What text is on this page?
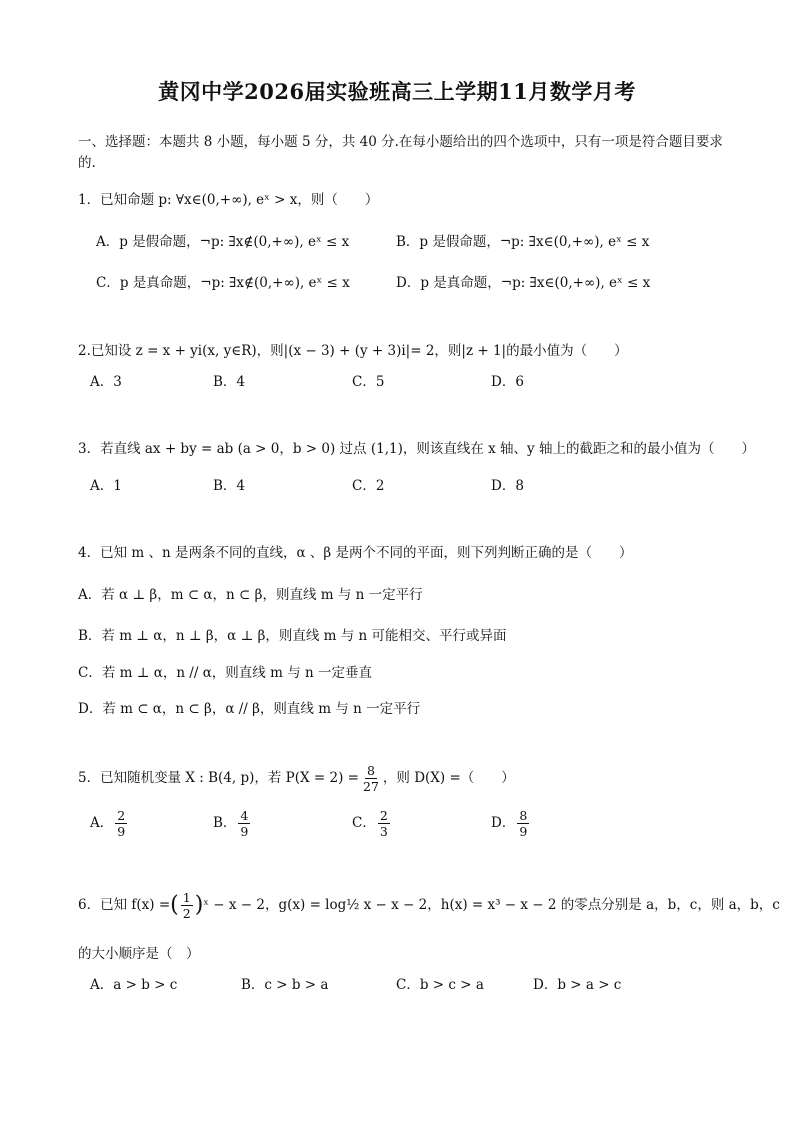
黄冈中学2026届实验班高三上学期11月数学月考
一、选择题：本题共 8 小题，每小题 5 分，共 40 分.在每小题给出的四个选项中，只有一项是符合题目要求的.
1．已知命题 p: ∀x∈(0,+∞), eˣ > x，则（　　）
A．p 是假命题，¬p: ∃x∉(0,+∞), eˣ ≤ x	B．p 是假命题，¬p: ∃x∈(0,+∞), eˣ ≤ x
C．p 是真命题，¬p: ∃x∉(0,+∞), eˣ ≤ x	D．p 是真命题，¬p: ∃x∈(0,+∞), eˣ ≤ x
2.已知设 z = x + yi(x, y∈R)，则|(x − 3) + (y + 3)i|= 2，则|z + 1|的最小值为（　　）
A．3	B．4	C．5	D．6
3．若直线 ax + by = ab (a > 0，b > 0) 过点 (1,1)，则该直线在 x 轴、y 轴上的截距之和的最小值为（　　）
A．1	B．4	C．2	D．8
4．已知 m 、n 是两条不同的直线，α 、β 是两个不同的平面，则下列判断正确的是（　　）
A．若 α ⊥ β，m ⊂ α，n ⊂ β，则直线 m 与 n 一定平行
B．若 m ⊥ α，n ⊥ β，α ⊥ β，则直线 m 与 n 可能相交、平行或异面
C．若 m ⊥ α，n // α，则直线 m 与 n 一定垂直
D．若 m ⊂ α，n ⊂ β，α // β，则直线 m 与 n 一定平行
5．已知随机变量 X : B(4, p)，若 $P(X = 2) = \frac{8}{27}$ ，则 D(X) =（　　）
A． $\frac{2}{9}$	B． $\frac{4}{9}$	C． $\frac{2}{3}$	D． $\frac{8}{9}$
6．已知 f(x) =( $\frac{1}{2}$ )ˣ − x − 2，g(x) = log½ x − x − 2，h(x) = x³ − x − 2 的零点分别是 a，b，c，则 a，b，c
的大小顺序是（　）
A．a > b > c	B．c > b > a	C．b > c > a	D．b > a > c
